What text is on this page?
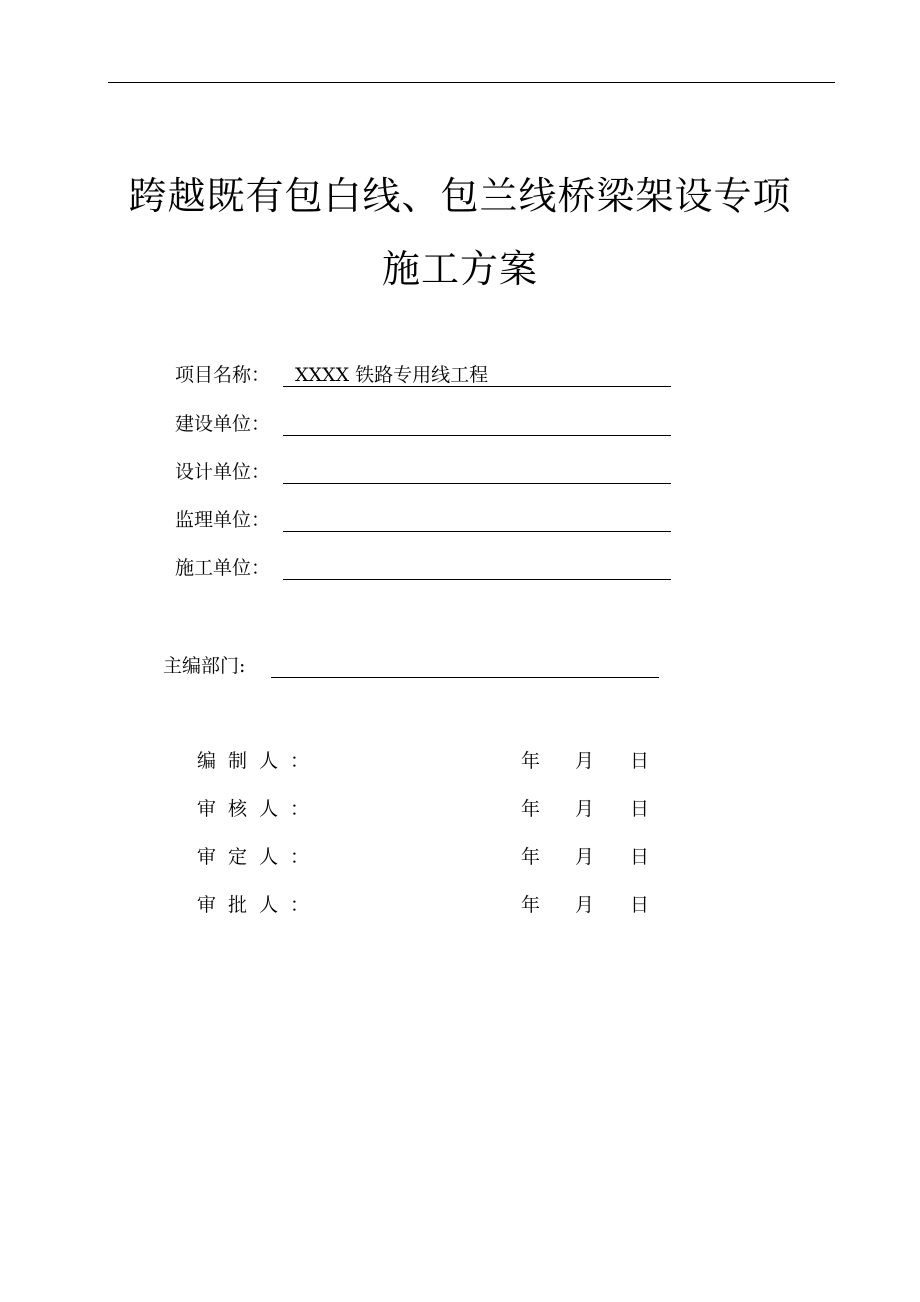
跨越既有包白线、包兰线桥梁架设专项
施工方案
项目名称： XXXX 铁路专用线工程
建设单位：
设计单位：
监理单位：
施工单位：
主编部门:
编制人：	年 月 日
审核人：	年 月 日
审定人：	年 月 日
审批人：	年 月 日
